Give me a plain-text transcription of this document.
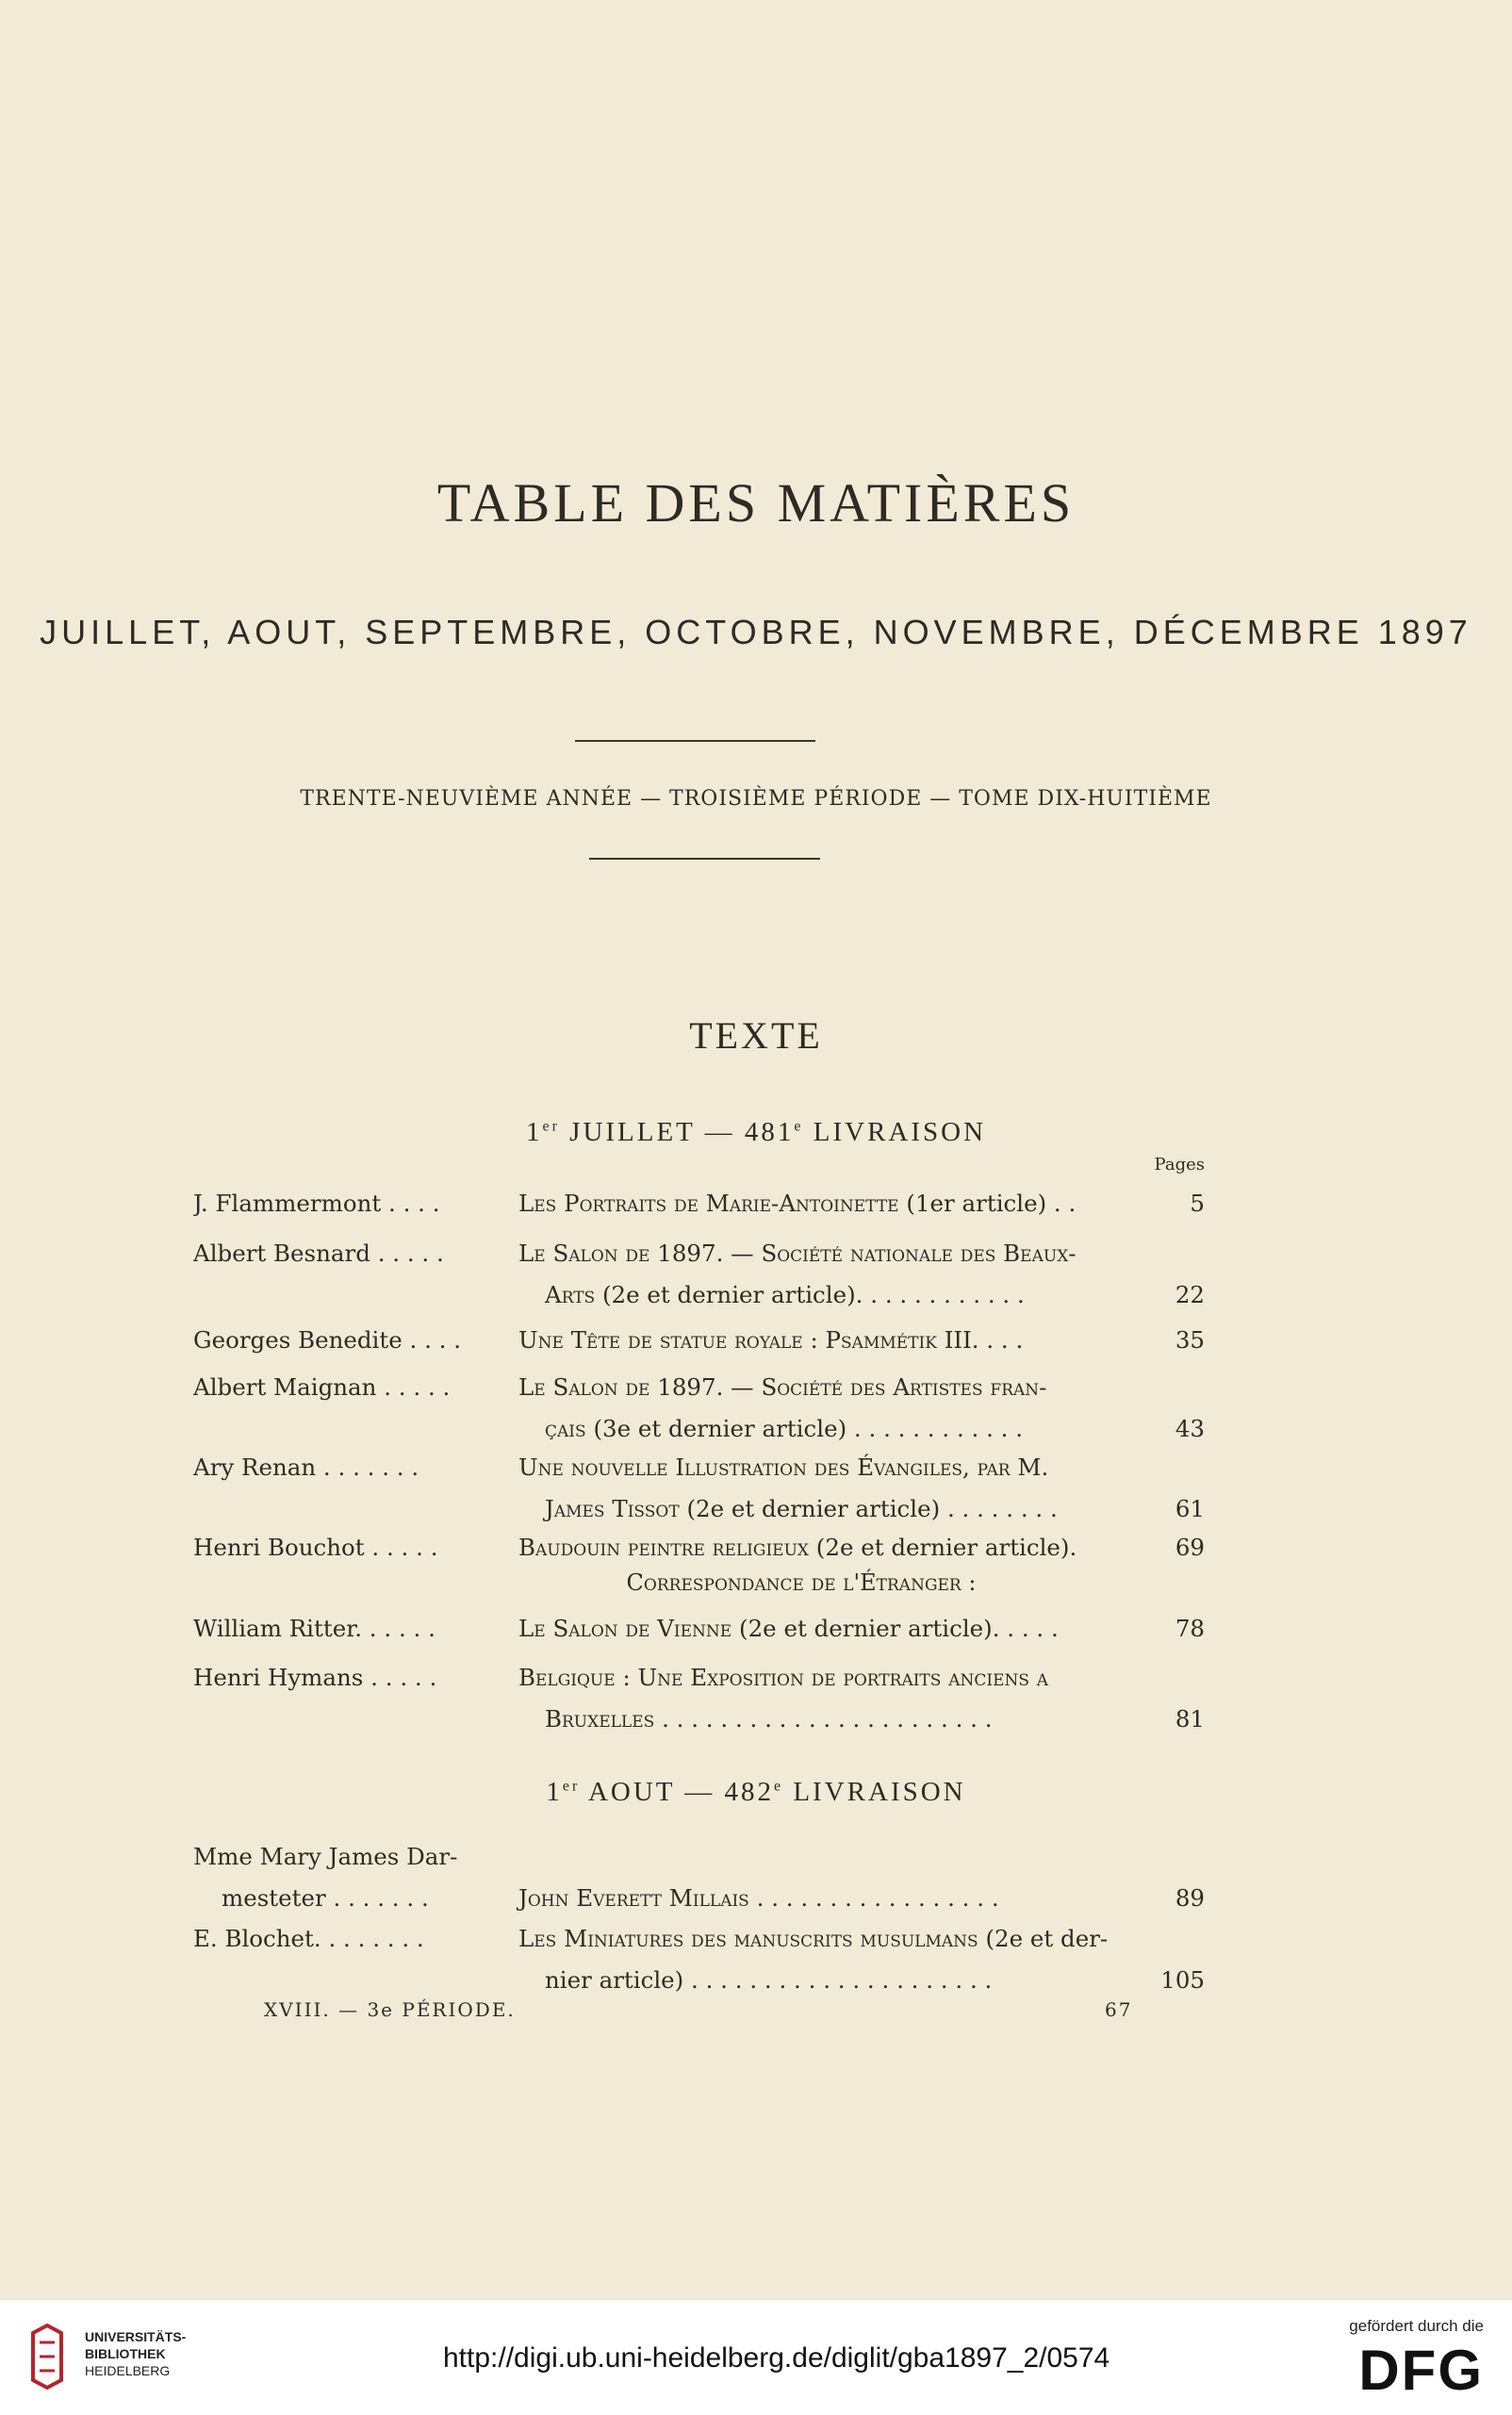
TABLE DES MATIÈRES
JUILLET, AOUT, SEPTEMBRE, OCTOBRE, NOVEMBRE, DÉCEMBRE 1897
TRENTE-NEUVIÈME ANNÉE — TROISIÈME PÉRIODE — TOME DIX-HUITIÈME
TEXTE
1er JUILLET — 481e LIVRAISON
Pages
J. Flammermont . . . .	Les Portraits de Marie-Antoinette (1er article) . .	5
Albert Besnard . . . . .	Le Salon de 1897. — Société nationale des Beaux-
Arts (2e et dernier article). . . . . . . . . . . .	22
Georges Benedite . . . .	Une Tête de statue royale : Psammétik III. . . .	35
Albert Maignan . . . . .	Le Salon de 1897. — Société des Artistes fran-
çais (3e et dernier article) . . . . . . . . . . . .	43
Ary Renan . . . . . . .	Une nouvelle Illustration des Évangiles, par M.
James Tissot (2e et dernier article) . . . . . . . .	61
Henri Bouchot . . . . .	Baudouin peintre religieux (2e et dernier article).	69
Correspondance de l'Étranger :
William Ritter. . . . . .	Le Salon de Vienne (2e et dernier article). . . . .	78
Henri Hymans . . . . .	Belgique : Une Exposition de portraits anciens a
Bruxelles . . . . . . . . . . . . . . . . . . . . . . .	81
1er AOUT — 482e LIVRAISON
Mme Mary James Dar-
mesteter . . . . . . .	John Everett Millais . . . . . . . . . . . . . . . . .	89
E. Blochet. . . . . . . .	Les Miniatures des manuscrits musulmans (2e et der-
nier article) . . . . . . . . . . . . . . . . . . . . .	105
XVIII. — 3e PÉRIODE.	67
UNIVERSITÄTS-
BIBLIOTHEK
HEIDELBERG	http://digi.ub.uni-heidelberg.de/diglit/gba1897_2/0574
gefördert durch die
DFG
